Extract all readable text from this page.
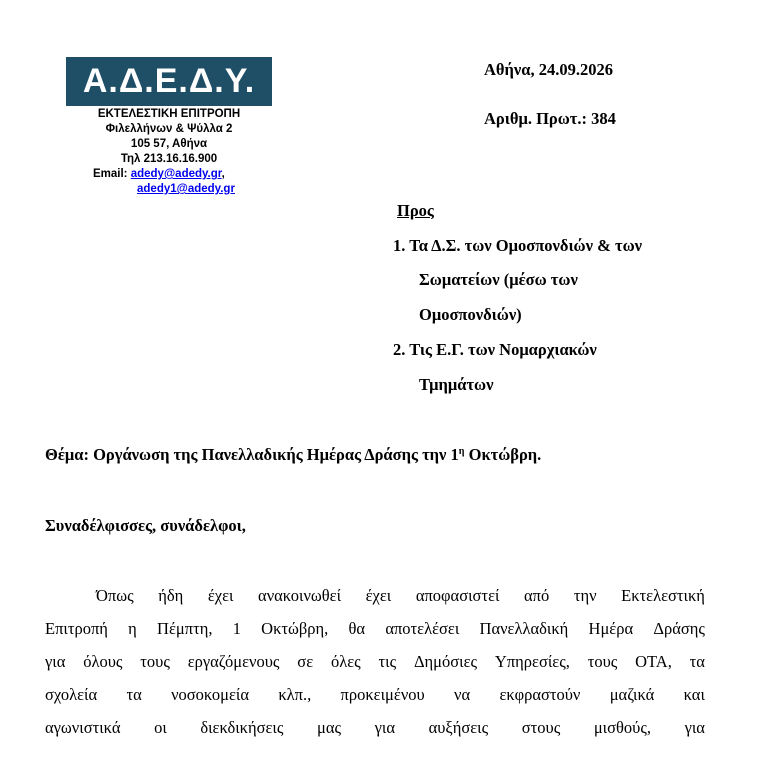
Α.Δ.Ε.Δ.Υ.
ΕΚΤΕΛΕΣΤΙΚΗ ΕΠΙΤΡΟΠΗ
Φιλελλήνων & Ψύλλα 2
105 57, Αθήνα
Τηλ 213.16.16.900
Email: adedy@adedy.gr,
adedy1@adedy.gr
Αθήνα, 24.09.2026
Αριθμ. Πρωτ.: 384
Προς
1. Τα Δ.Σ. των Ομοσπονδιών & των
Σωματείων (μέσω των
Ομοσπονδιών)
2. Τις Ε.Γ. των Νομαρχιακών
Τμημάτων
Θέμα: Οργάνωση της Πανελλαδικής Ημέρας Δράσης την $1^\eta$ Οκτώβρη.
Συναδέλφισσες, συνάδελφοι,
Όπως ήδη έχει ανακοινωθεί έχει αποφασιστεί από την Εκτελεστική
Επιτροπή η Πέμπτη, 1 Οκτώβρη, θα αποτελέσει Πανελλαδική Ημέρα Δράσης
για όλους τους εργαζόμενους σε όλες τις Δημόσιες Υπηρεσίες, τους ΟΤΑ, τα
σχολεία τα νοσοκομεία κλπ., προκειμένου να εκφραστούν μαζικά και
αγωνιστικά οι διεκδικήσεις μας για αυξήσεις στους μισθούς, για
